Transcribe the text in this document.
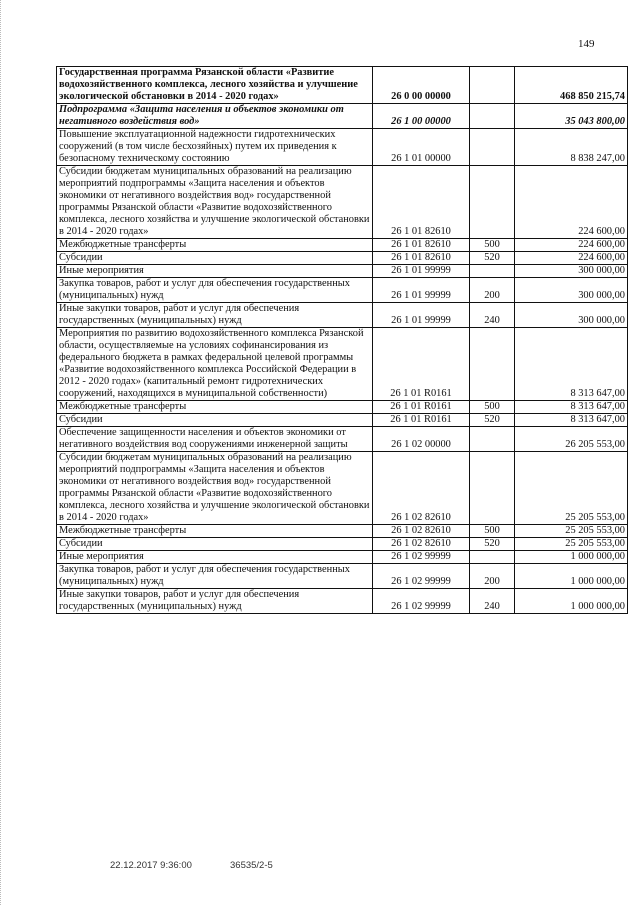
149
Государственная программа Рязанской области «Развитие водохозяйственного комплекса, лесного хозяйства и улучшение экологической обстановки в 2014 - 2020 годах»	26 0 00 00000		468 850 215,74
Подпрограмма «Защита населения и объектов экономики от негативного воздействия вод»	26 1 00 00000		35 043 800,00
Повышение эксплуатационной надежности гидротехнических сооружений (в том числе бесхозяйных) путем их приведения к безопасному техническому состоянию	26 1 01 00000		8 838 247,00
Субсидии бюджетам муниципальных образований на реализацию мероприятий подпрограммы «Защита населения и объектов экономики от негативного воздействия вод» государственной программы Рязанской области «Развитие водохозяйственного комплекса, лесного хозяйства и улучшение экологической обстановки в 2014 - 2020 годах»	26 1 01 82610		224 600,00
Межбюджетные трансферты	26 1 01 82610	500	224 600,00
Субсидии	26 1 01 82610	520	224 600,00
Иные мероприятия	26 1 01 99999		300 000,00
Закупка товаров, работ и услуг для обеспечения государственных (муниципальных) нужд	26 1 01 99999	200	300 000,00
Иные закупки товаров, работ и услуг для обеспечения государственных (муниципальных) нужд	26 1 01 99999	240	300 000,00
Мероприятия по развитию водохозяйственного комплекса Рязанской области, осуществляемые на условиях софинансирования из федерального бюджета в рамках федеральной целевой программы «Развитие водохозяйственного комплекса Российской Федерации в 2012 - 2020 годах» (капитальный ремонт гидротехнических сооружений, находящихся в муниципальной собственности)	26 1 01 R0161		8 313 647,00
Межбюджетные трансферты	26 1 01 R0161	500	8 313 647,00
Субсидии	26 1 01 R0161	520	8 313 647,00
Обеспечение защищенности населения и объектов экономики от негативного воздействия вод сооружениями инженерной защиты	26 1 02 00000		26 205 553,00
Субсидии бюджетам муниципальных образований на реализацию мероприятий подпрограммы «Защита населения и объектов экономики от негативного воздействия вод» государственной программы Рязанской области «Развитие водохозяйственного комплекса, лесного хозяйства и улучшение экологической обстановки в 2014 - 2020 годах»	26 1 02 82610		25 205 553,00
Межбюджетные трансферты	26 1 02 82610	500	25 205 553,00
Субсидии	26 1 02 82610	520	25 205 553,00
Иные мероприятия	26 1 02 99999		1 000 000,00
Закупка товаров, работ и услуг для обеспечения государственных (муниципальных) нужд	26 1 02 99999	200	1 000 000,00
Иные закупки товаров, работ и услуг для обеспечения государственных (муниципальных) нужд	26 1 02 99999	240	1 000 000,00
22.12.2017 9:36:00	36535/2-5
